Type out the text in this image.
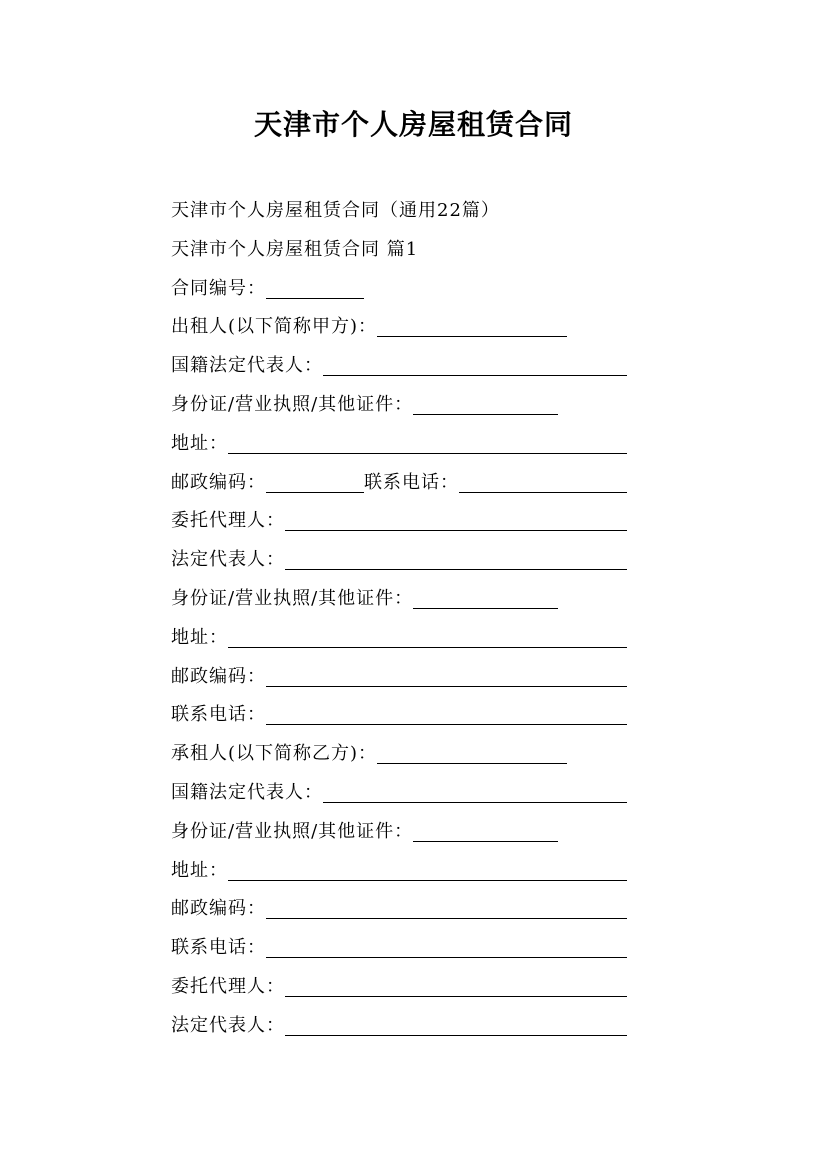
天津市个人房屋租赁合同
天津市个人房屋租赁合同（通用22篇）
天津市个人房屋租赁合同 篇1
合同编号：
出租人(以下简称甲方)：
国籍法定代表人：
身份证/营业执照/其他证件：
地址：
邮政编码：	联系电话：
委托代理人：
法定代表人：
身份证/营业执照/其他证件：
地址：
邮政编码：
联系电话：
承租人(以下简称乙方)：
国籍法定代表人：
身份证/营业执照/其他证件：
地址：
邮政编码：
联系电话：
委托代理人：
法定代表人：
